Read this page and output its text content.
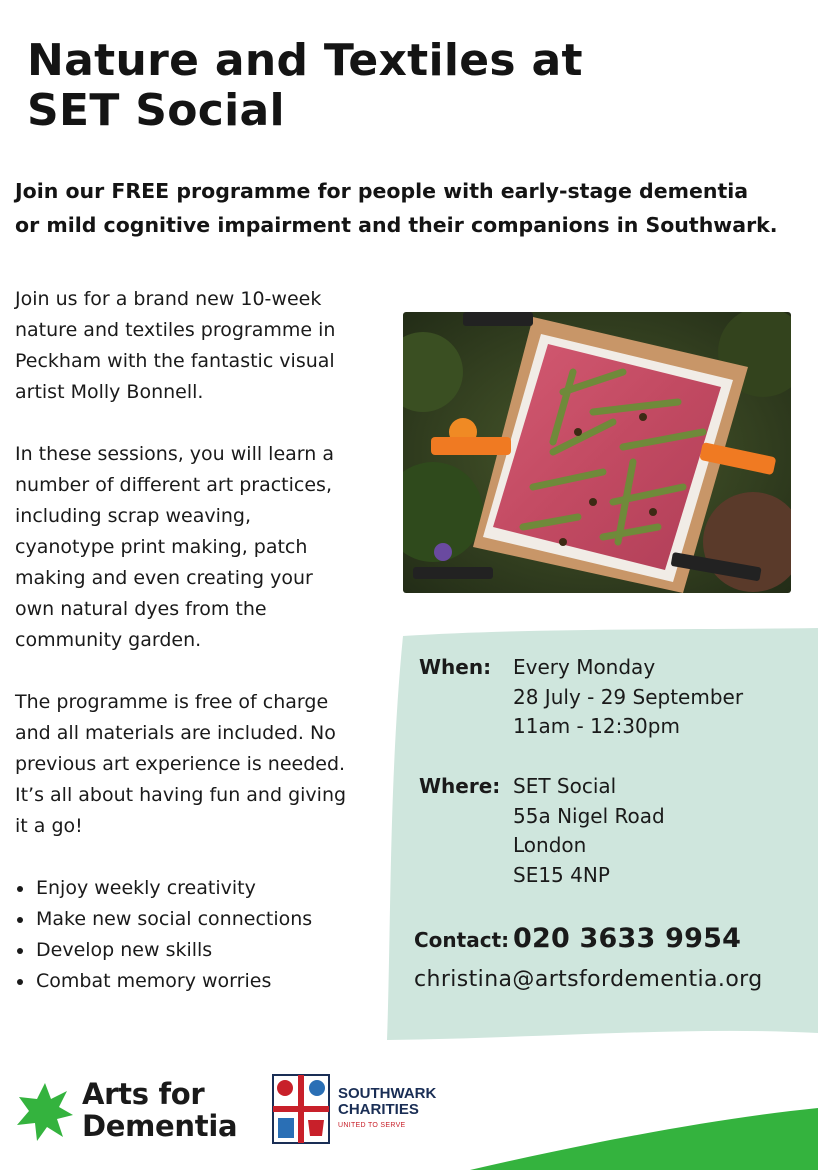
Nature and Textiles at
SET Social

Join our FREE programme for people with early-stage dementia
or mild cognitive impairment and their companions in Southwark.

Join us for a brand new 10-week
nature and textiles programme in
Peckham with the fantastic visual
artist Molly Bonnell.

In these sessions, you will learn a
number of different art practices,
including scrap weaving,
cyanotype print making, patch
making and even creating your
own natural dyes from the
community garden.

The programme is free of charge
and all materials are included. No
previous art experience is needed.
It’s all about having fun and giving
it a go!

Enjoy weekly creativity
Make new social connections
Develop new skills
Combat memory worries
When: Every Monday
28 July - 29 September
11am - 12:30pm
Where: SET Social
55a Nigel Road
London
SE15 4NP
Contact: 020 3633 9954
christina@artsfordementia.org
Arts for
Dementia
SOUTHWARK
CHARITIES
UNITED TO SERVE
